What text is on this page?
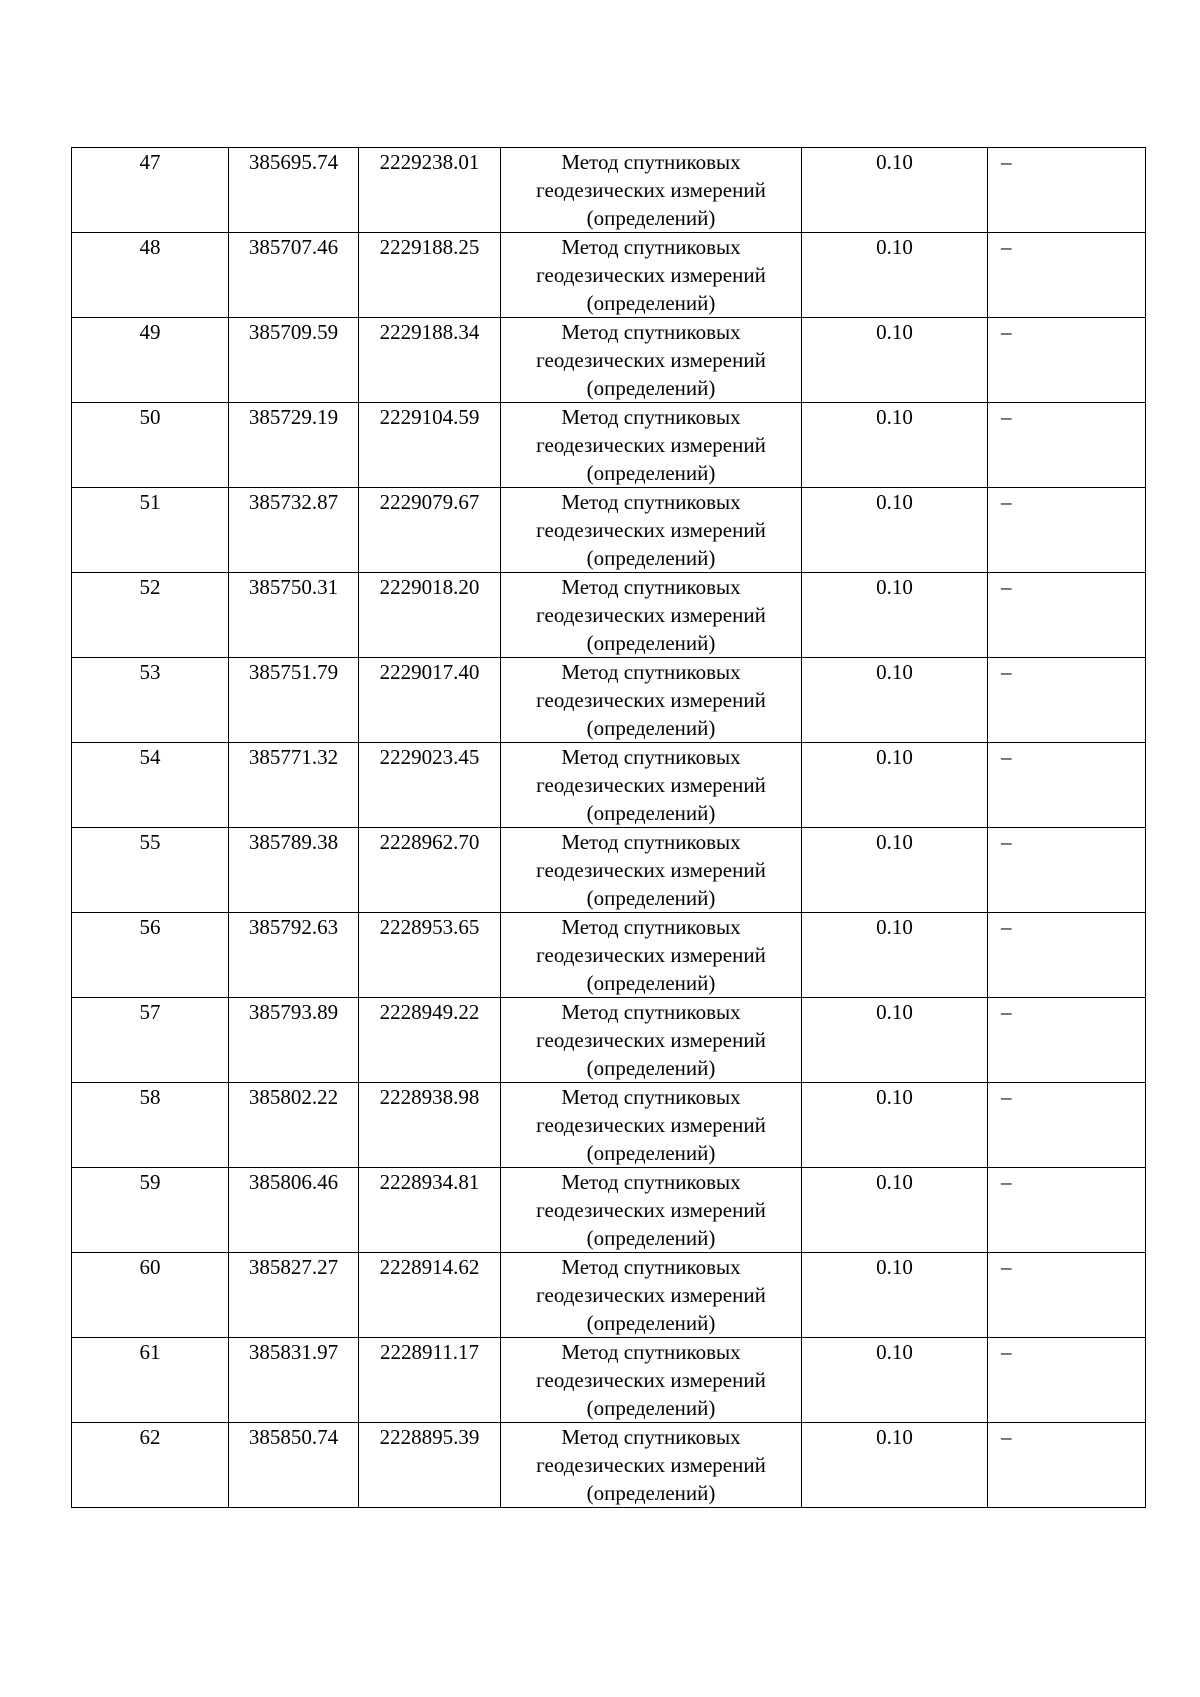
47	385695.74	2229238.01	Метод спутниковых
геодезических измерений
(определений)	0.10	–

48	385707.46	2229188.25	Метод спутниковых
геодезических измерений
(определений)	0.10	–

49	385709.59	2229188.34	Метод спутниковых
геодезических измерений
(определений)	0.10	–

50	385729.19	2229104.59	Метод спутниковых
геодезических измерений
(определений)	0.10	–

51	385732.87	2229079.67	Метод спутниковых
геодезических измерений
(определений)	0.10	–

52	385750.31	2229018.20	Метод спутниковых
геодезических измерений
(определений)	0.10	–

53	385751.79	2229017.40	Метод спутниковых
геодезических измерений
(определений)	0.10	–

54	385771.32	2229023.45	Метод спутниковых
геодезических измерений
(определений)	0.10	–

55	385789.38	2228962.70	Метод спутниковых
геодезических измерений
(определений)	0.10	–

56	385792.63	2228953.65	Метод спутниковых
геодезических измерений
(определений)	0.10	–

57	385793.89	2228949.22	Метод спутниковых
геодезических измерений
(определений)	0.10	–

58	385802.22	2228938.98	Метод спутниковых
геодезических измерений
(определений)	0.10	–

59	385806.46	2228934.81	Метод спутниковых
геодезических измерений
(определений)	0.10	–

60	385827.27	2228914.62	Метод спутниковых
геодезических измерений
(определений)	0.10	–

61	385831.97	2228911.17	Метод спутниковых
геодезических измерений
(определений)	0.10	–

62	385850.74	2228895.39	Метод спутниковых
геодезических измерений
(определений)	0.10	–
